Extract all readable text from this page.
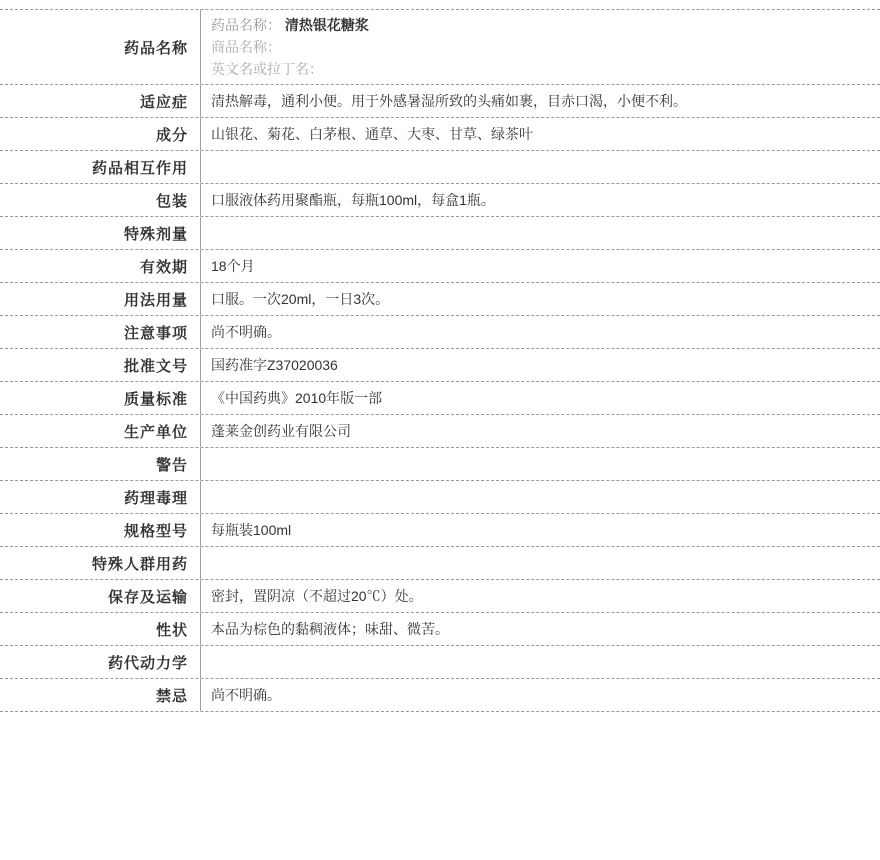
药品名称
药品名称： 清热银花糖浆
商品名称：
英文名或拉丁名：
适应症	清热解毒，通利小便。用于外感暑湿所致的头痛如裹，目赤口渴，小便不利。
成分	山银花、菊花、白茅根、通草、大枣、甘草、绿茶叶
药品相互作用
包装	口服液体药用聚酯瓶，每瓶100ml，每盒1瓶。
特殊剂量
有效期	18个月
用法用量	口服。一次20ml，一日3次。
注意事项	尚不明确。
批准文号	国药准字Z37020036
质量标准	《中国药典》2010年版一部
生产单位	蓬莱金创药业有限公司
警告
药理毒理
规格型号	每瓶装100ml
特殊人群用药
保存及运输	密封，置阴凉（不超过20℃）处。
性状	本品为棕色的黏稠液体；味甜、微苦。
药代动力学
禁忌	尚不明确。
